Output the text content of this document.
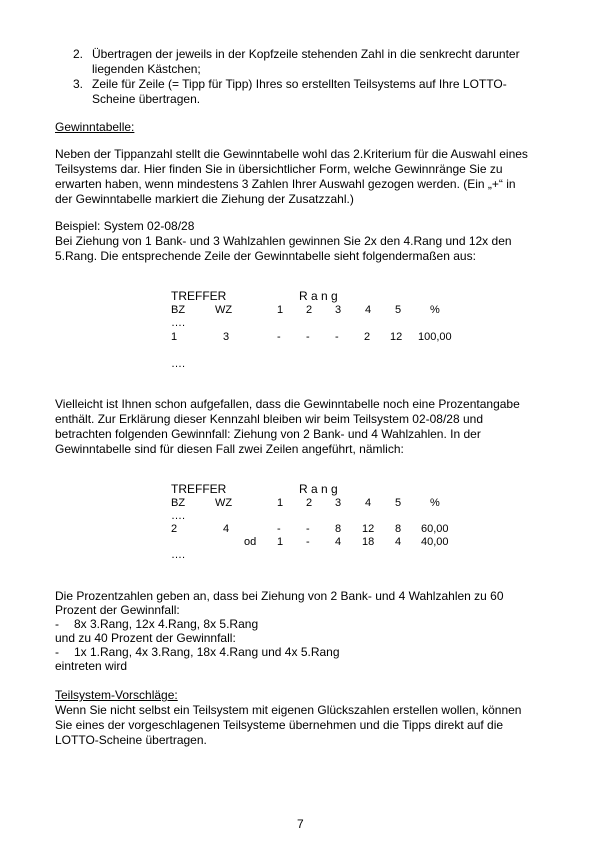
2. Übertragen der jeweils in der Kopfzeile stehenden Zahl in die senkrecht darunter
liegenden Kästchen;
3. Zeile für Zeile (= Tipp für Tipp) Ihres so erstellten Teilsystems auf Ihre LOTTO-
Scheine übertragen.
Gewinntabelle:
Neben der Tippanzahl stellt die Gewinntabelle wohl das 2.Kriterium für die Auswahl eines
Teilsystems dar. Hier finden Sie in übersichtlicher Form, welche Gewinnränge Sie zu
erwarten haben, wenn mindestens 3 Zahlen Ihrer Auswahl gezogen werden. (Ein „+“ in
der Gewinntabelle markiert die Ziehung der Zusatzzahl.)
Beispiel: System 02-08/28
Bei Ziehung von 1 Bank- und 3 Wahlzahlen gewinnen Sie 2x den 4.Rang und 12x den
5.Rang. Die entsprechende Zeile der Gewinntabelle sieht folgendermaßen aus:
TREFFER	R a n g
BZ	WZ	1 2 3 4 5	%
….
1	3	- - - 2 12 100,00
….
Vielleicht ist Ihnen schon aufgefallen, dass die Gewinntabelle noch eine Prozentangabe
enthält. Zur Erklärung dieser Kennzahl bleiben wir beim Teilsystem 02-08/28 und
betrachten folgenden Gewinnfall: Ziehung von 2 Bank- und 4 Wahlzahlen. In der
Gewinntabelle sind für diesen Fall zwei Zeilen angeführt, nämlich:
TREFFER	R a n g
BZ	WZ	1 2 3 4 5	%
….
2	4	- - 8 12 8 60,00
od 1 - 4 18 4 40,00
….
Die Prozentzahlen geben an, dass bei Ziehung von 2 Bank- und 4 Wahlzahlen zu 60
Prozent der Gewinnfall:
- 8x 3.Rang, 12x 4.Rang, 8x 5.Rang
und zu 40 Prozent der Gewinnfall:
- 1x 1.Rang, 4x 3.Rang, 18x 4.Rang und 4x 5.Rang
eintreten wird
Teilsystem-Vorschläge:
Wenn Sie nicht selbst ein Teilsystem mit eigenen Glückszahlen erstellen wollen, können
Sie eines der vorgeschlagenen Teilsysteme übernehmen und die Tipps direkt auf die
LOTTO-Scheine übertragen.
7
